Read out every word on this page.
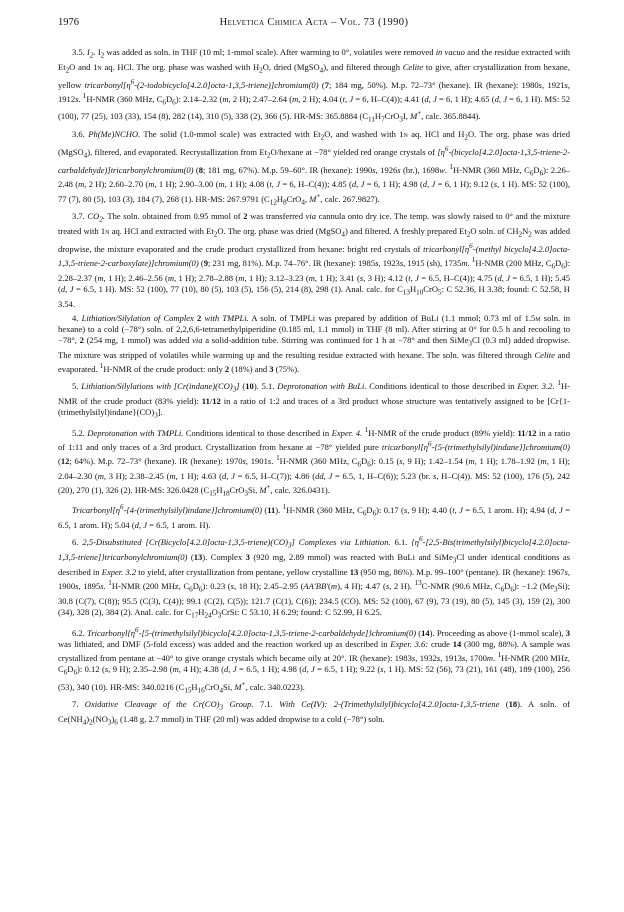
1976	Helvetica Chimica Acta – Vol. 73 (1990)

3.5. $I_2$. $I_2$ was added as soln. in THF (10 ml; 1-mmol scale). After warming to 0°, volatiles were removed in vacuo and the residue extracted with $Et_2O$ and 1n aq. HCl. The org. phase was washed with $H_2O$, dried (MgSO$_4$), and filtered through Celite to give, after crystallization from hexane, yellow $tricarbonyl[\eta^6-(2-iodobicyclo[4.2.0]octa-1,3,5-triene)]chromium(0)$ (7; 184 mg, 50%). M.p. 72–73° (hexane). IR (hexane): 1980s, 1921s, 1912s. $^1$H-NMR (360 MHz, $C_6D_6$): 2.14–2.32 (m, 2 H); 2.47–2.64 (m, 2 H); 4.04 (t, J = 6, H–C(4)); 4.41 (d, J = 6, 1 H); 4.65 (d, J = 6, 1 H). MS: 52 (100), 77 (25), 103 (33), 154 (8), 282 (14), 310 (5), 338 (2), 366 (5). HR-MS: 365.8884 ($C_{11}H_7CrO_3I$, M+, calc. 365.8844).

3.6. Ph(Me)NCHO. The solid (1.0-mmol scale) was extracted with $Et_2O$, and washed with 1n aq. HCl and $H_2O$. The org. phase was dried (MgSO$_4$), filtered, and evaporated. Recrystallization from $Et_2O$/hexane at −78° yielded red orange crystals of $[\eta^6-(bicyclo[4.2.0]octa-1,3,5-triene-2-carbaldehyde)]tricarbonylchromium(0)$ (8; 181 mg, 67%). M.p. 59–60°. IR (hexane): 1990s, 1926s (br.), 1698w. $^1$H-NMR (360 MHz, $C_6D_6$): 2.26–2.48 (m, 2 H); 2.60–2.70 (m, 1 H); 2.90–3.00 (m, 1 H); 4.08 (t, J = 6, H–C(4)); 4.85 (d, J = 6, 1 H); 4.98 (d, J = 6, 1 H); 9.12 (s, 1 H). MS: 52 (100), 77 (7), 80 (5), 103 (3), 184 (7), 268 (1). HR-MS: 267.9791 ($C_{12}H_8CrO_4$, M+, calc. 267.9827).

3.7. $CO_2$. The soln. obtained from 0.95 mmol of 2 was transferred via cannula onto dry ice. The temp. was slowly raised to 0° and the mixture treated with 1n aq. HCl and extracted with $Et_2O$. The org. phase was dried (MgSO$_4$) and filtered. A freshly prepared $Et_2O$ soln. of $CH_2N_2$ was added dropwise, the mixture evaporated and the crude product crystallized from hexane: bright red crystals of $tricarbonyl[\eta^6-(methyl$ bicyclo[4.2.0]octa-1,3,5-triene-2-carboxylate)]chromium(0) (9; 231 mg, 81%). M.p. 74–76°. IR (hexane): 1985s, 1923s, 1915 (sh), 1735m. $^1$H-NMR (200 MHz, $C_6D_6$): 2.28–2.37 (m, 1 H); 2.46–2.56 (m, 1 H); 2.78–2.88 (m, 1 H); 3.12–3.23 (m, 1 H); 3.41 (s, 3 H); 4.12 (t, J = 6.5, H–C(4)); 4.75 (d, J = 6.5, 1 H); 5.45 (d, J = 6.5, 1 H). MS: 52 (100), 77 (10), 80 (5), 103 (5), 156 (5), 214 (8), 298 (1). Anal. calc. for $C_{13}H_{10}CrO_5$: C 52.36, H 3.38; found: C 52.58, H 3.54.

4. Lithiation/Silylation of Complex 2 with TMPLi. A soln. of TMPLi was prepared by addition of BuLi (1.1 mmol; 0.73 ml of 1.5m soln. in hexane) to a cold (−78°) soln. of 2,2,6,6-tetramethylpiperidine (0.185 ml, 1.1 mmol) in THF (8 ml). After stirring at 0° for 0.5 h and recooling to −78°, 2 (254 mg, 1 mmol) was added via a solid-addition tube. Stirring was continued for 1 h at −78° and then SiMe$_3$Cl (0.3 ml) added dropwise. The mixture was stripped of volatiles while warming up and the resulting residue extracted with hexane. The soln. was filtered through Celite and evaporated. $^1$H-NMR of the crude product: only 2 (18%) and 3 (75%).

5. Lithiation/Silylations with $[Cr(indane)(CO)_3]$ (10). 5.1. Deprotonation with BuLi. Conditions identical to those described in Exper. 3.2. $^1$H-NMR of the crude product (83% yield): 11/12 in a ratio of 1:2 and traces of a 3rd product whose structure was tentatively assigned to be $[Cr\{1-(trimethylsilyl)indane\}(CO)_3]$.

5.2. Deprotonation with TMPLi. Conditions identical to those described in Exper. 4. $^1$H-NMR of the crude product (89% yield): 11/12 in a ratio of 1:11 and only traces of a 3rd product. Crystallization from hexane at −78° yielded pure $tricarbonyl[\eta^6-\{5-(trimethylsilyl)indane\}]chromium(0)$ (12; 64%). M.p. 72–73° (hexane). IR (hexane): 1970s, 1901s. $^1$H-NMR (360 MHz, $C_6D_6$): 0.15 (s, 9 H); 1.42–1.54 (m, 1 H); 1.78–1.92 (m, 1 H); 2.04–2.30 (m, 3 H); 2.38–2.45 (m, 1 H); 4.63 (d, J = 6.5, H–C(7)); 4.86 (dd, J = 6.5, 1, H–C(6)); 5.23 (br. s, H–C(4)). MS: 52 (100), 176 (5), 242 (20), 270 (1), 326 (2). HR-MS: 326.0428 ($C_{15}H_{18}CrO_3Si$, M+, calc. 326.0431).

$Tricarbonyl[\eta^6-\{4-(trimethylsilyl)indane\}]chromium(0)$ (11). $^1$H-NMR (360 MHz, $C_6D_6$): 0.17 (s, 9 H); 4.40 (t, J = 6.5, 1 arom. H); 4.94 (d, J = 6.5, 1 arom. H); 5.04 (d, J = 6.5, 1 arom. H).

6. 2,5-Disubstituted $[Cr(Bicyclo[4.2.0]octa-1,3,5-triene)(CO)_3]$ Complexes via Lithiation. 6.1. $\{\eta^6-[2,5-Bis(trimethylsilyl)bicyclo[4.2.0]octa-1,3,5-triene]\}tricarbonylchromium(0)$ (13). Complex 3 (920 mg, 2.89 mmol) was reacted with BuLi and SiMe$_3$Cl under identical conditions as described in Exper. 3.2 to yield, after crystallization from pentane, yellow crystalline 13 (950 mg, 86%). M.p. 99–100° (pentane). IR (hexane): 1967s, 1900s, 1895s. $^1$H-NMR (200 MHz, $C_6D_6$): 0.23 (s, 18 H); 2.45–2.95 (AA′BB′(m), 4 H); 4.47 (s, 2 H). $^{13}$C-NMR (90.6 MHz, $C_6D_6$): −1.2 $(Me_3Si)$; 30.8 (C(7), C(8)); 95.5 (C(3), C(4)); 99.1 (C(2), C(5)); 121.7 (C(1), C(6)); 234.5 (CO). MS: 52 (100), 67 (9), 73 (19), 80 (5), 145 (3), 159 (2), 300 (34), 328 (2), 384 (2). Anal. calc. for $C_{17}H_{24}O_3CrSi$: C 53.10, H 6.29; found: C 52.99, H 6.25.

6.2. $Tricarbonyl\{\eta^6-[5-(trimethylsilyl)bicyclo[4.2.0]octa-1,3,5-triene-2-carbaldehyde]\}chromium(0)$ (14). Proceeding as above (1-mmol scale), 3 was lithiated, and DMF (5-fold excess) was added and the reaction worked up as described in Exper. 3.6: crude 14 (300 mg, 88%). A sample was crystallized from pentane at −40° to give orange crystals which became oily at 20°. IR (hexane): 1983s, 1932s, 1913s, 1700m. $^1$H-NMR (200 MHz, $C_6D_6$): 0.12 (s, 9 H); 2.35–2.98 (m, 4 H); 4.38 (d, J = 6.5, 1 H); 4.98 (d, J = 6.5, 1 H); 9.22 (s, 1 H). MS: 52 (56), 73 (21), 161 (48), 189 (100), 256 (53), 340 (10). HR-MS: 340.0216 ($C_{15}H_{16}CrO_4Si$, M+, calc. 340.0223).

7. Oxidative Cleavage of the $Cr(CO)_3$ Group. 7.1. With Ce(IV): 2-(Trimethylsilyl)bicyclo[4.2.0]octa-1,3,5-triene (18). A soln. of $Ce(NH_4)_2(NO_3)_6$ (1.48 g, 2.7 mmol) in THF (20 ml) was added dropwise to a cold (−78°) soln.
